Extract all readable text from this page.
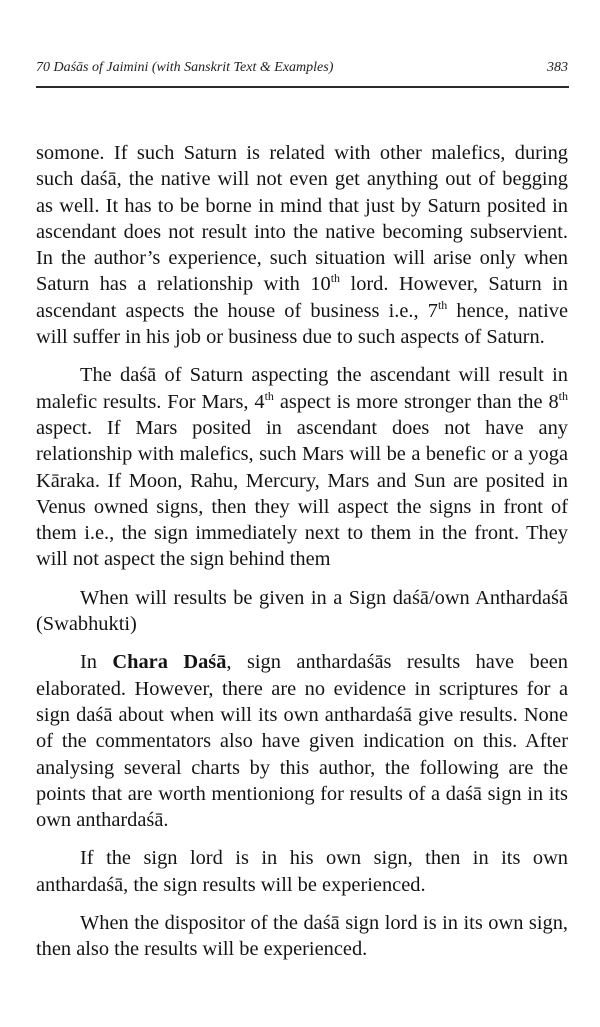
70 Daśās of Jaimini (with Sanskrit Text & Examples)	383

somone. If such Saturn is related with other malefics, during such daśā, the native will not even get anything out of begging as well. It has to be borne in mind that just by Saturn posited in ascendant does not result into the native becoming subservient. In the author’s experience, such situation will arise only when Saturn has a relationship with 10th lord. However, Saturn in ascendant aspects the house of business i.e., 7th hence, native will suffer in his job or business due to such aspects of Saturn.

The daśā of Saturn aspecting the ascendant will result in malefic results. For Mars, 4th aspect is more stronger than the 8th aspect. If Mars posited in ascendant does not have any relationship with malefics, such Mars will be a benefic or a yoga Kāraka. If Moon, Rahu, Mercury, Mars and Sun are posited in Venus owned signs, then they will aspect the signs in front of them i.e., the sign immediately next to them in the front. They will not aspect the sign behind them

When will results be given in a Sign daśā/own Anthardaśā (Swabhukti)

In Chara Daśā, sign anthardaśās results have been elaborated. However, there are no evidence in scriptures for a sign daśā about when will its own anthardaśā give results. None of the commentators also have given indication on this. After analysing several charts by this author, the following are the points that are worth mentioniong for results of a daśā sign in its own anthardaśā.

If the sign lord is in his own sign, then in its own anthardaśā, the sign results will be experienced.

When the dispositor of the daśā sign lord is in its own sign, then also the results will be experienced.
